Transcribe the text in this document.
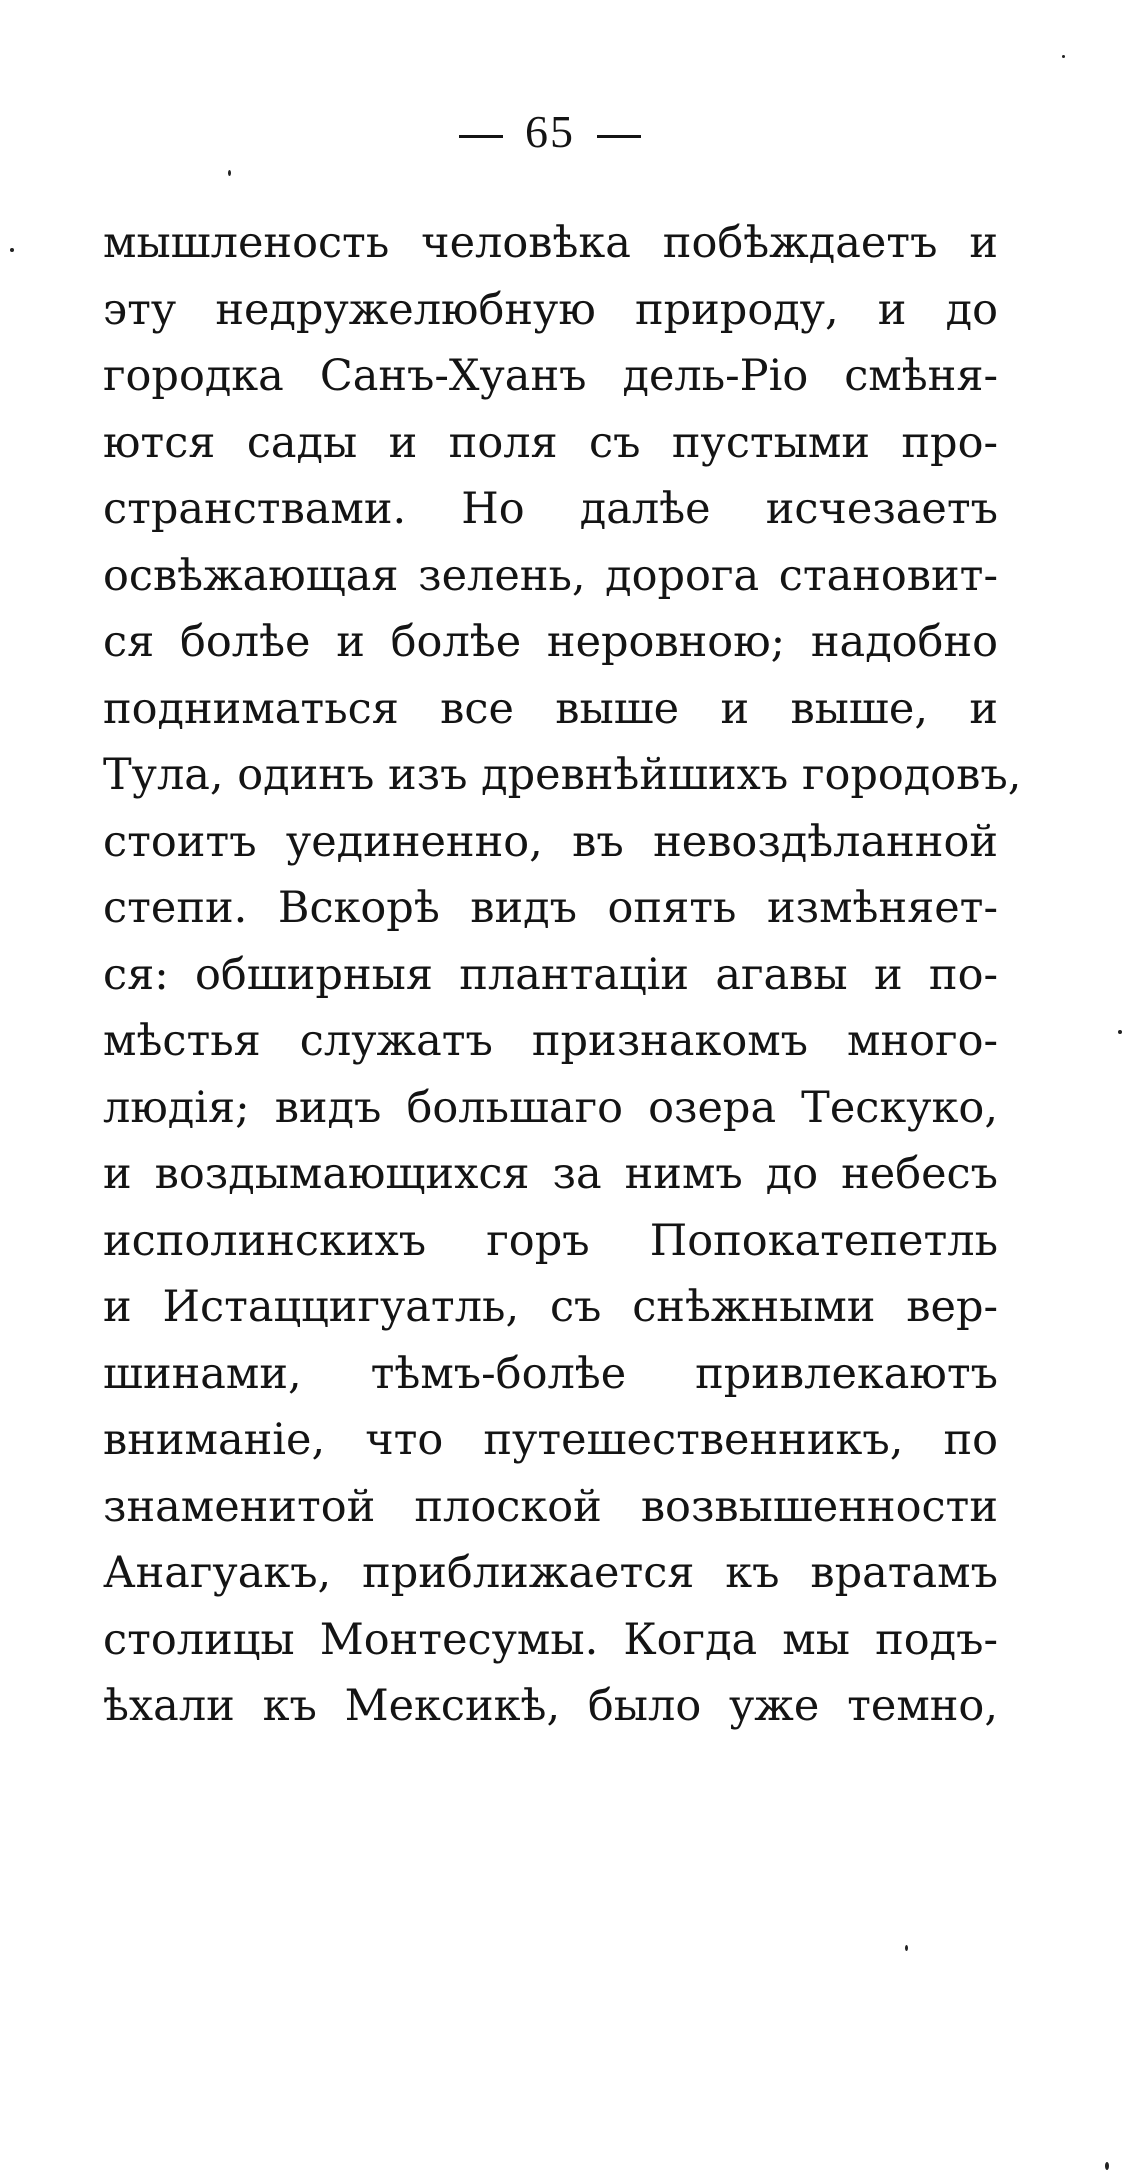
65
мышленость человѣка побѣждаетъ и
эту недружелюбную природу, и до
городка Санъ-Хуанъ дель-Ріо смѣня-
ются сады и поля съ пустыми про-
странствами. Но далѣе исчезаетъ
освѣжающая зелень, дорога становит-
ся болѣе и болѣе неровною; надобно
подниматься все выше и выше, и
Тула, одинъ изъ древнѣйшихъ городовъ,
стоитъ уединенно, въ невоздѣланной
степи. Вскорѣ видъ опять измѣняет-
ся: обширныя плантаціи агавы и по-
мѣстья служатъ признакомъ много-
людія; видъ большаго озера Тескуко,
и воздымающихся за нимъ до небесъ
исполинскихъ горъ Попокатепетль
и Истаццигуатль, съ снѣжными вер-
шинами, тѣмъ-болѣе привлекаютъ
вниманіе, что путешественникъ, по
знаменитой плоской возвышенности
Анагуакъ, приближается къ вратамъ
столицы Монтесумы. Когда мы подъ-
ѣхали къ Мексикѣ, было уже темно,
